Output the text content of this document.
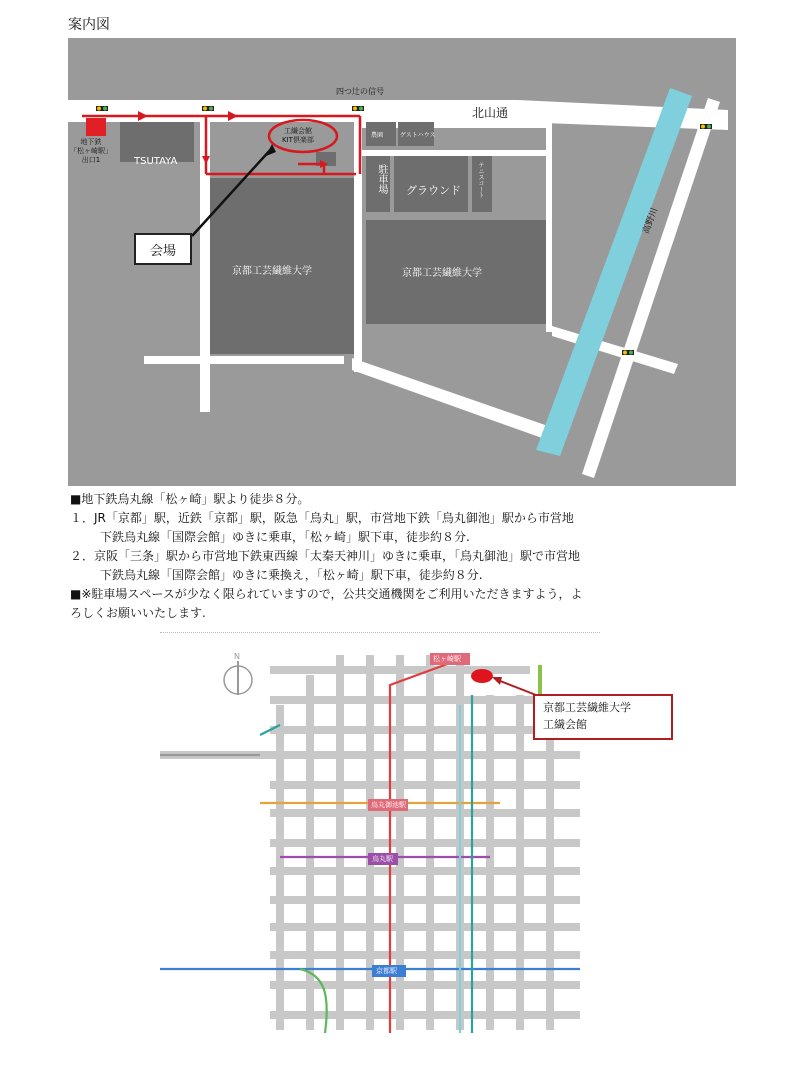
案内図
四つ辻の信号
北山通
地下鉄
「松ヶ崎駅」
出口1	TSUTAYA
工繊会館
KIT倶楽部
農園	ゲストハウス
駐車場 グラウンド	テニスコート
京都工芸繊維大学	京都工芸繊維大学
高野川
会場

■地下鉄烏丸線「松ヶ崎」駅より徒歩８分。

１．JR「京都」駅，近鉄「京都」駅，阪急「烏丸」駅，市営地下鉄「烏丸御池」駅から市営地

下鉄烏丸線「国際会館」ゆきに乗車，「松ヶ崎」駅下車，徒歩約８分.

２．京阪「三条」駅から市営地下鉄東西線「太秦天神川」ゆきに乗車，「烏丸御池」駅で市営地

下鉄烏丸線「国際会館」ゆきに乗換え，「松ヶ崎」駅下車，徒歩約８分.

■※駐車場スペースが少なく限られていますので，公共交通機関をご利用いただきますよう，よ

ろしくお願いいたします.

N	松ヶ崎駅
烏丸御池駅
烏丸駅
京都駅
京都工芸繊維大学
工繊会館
